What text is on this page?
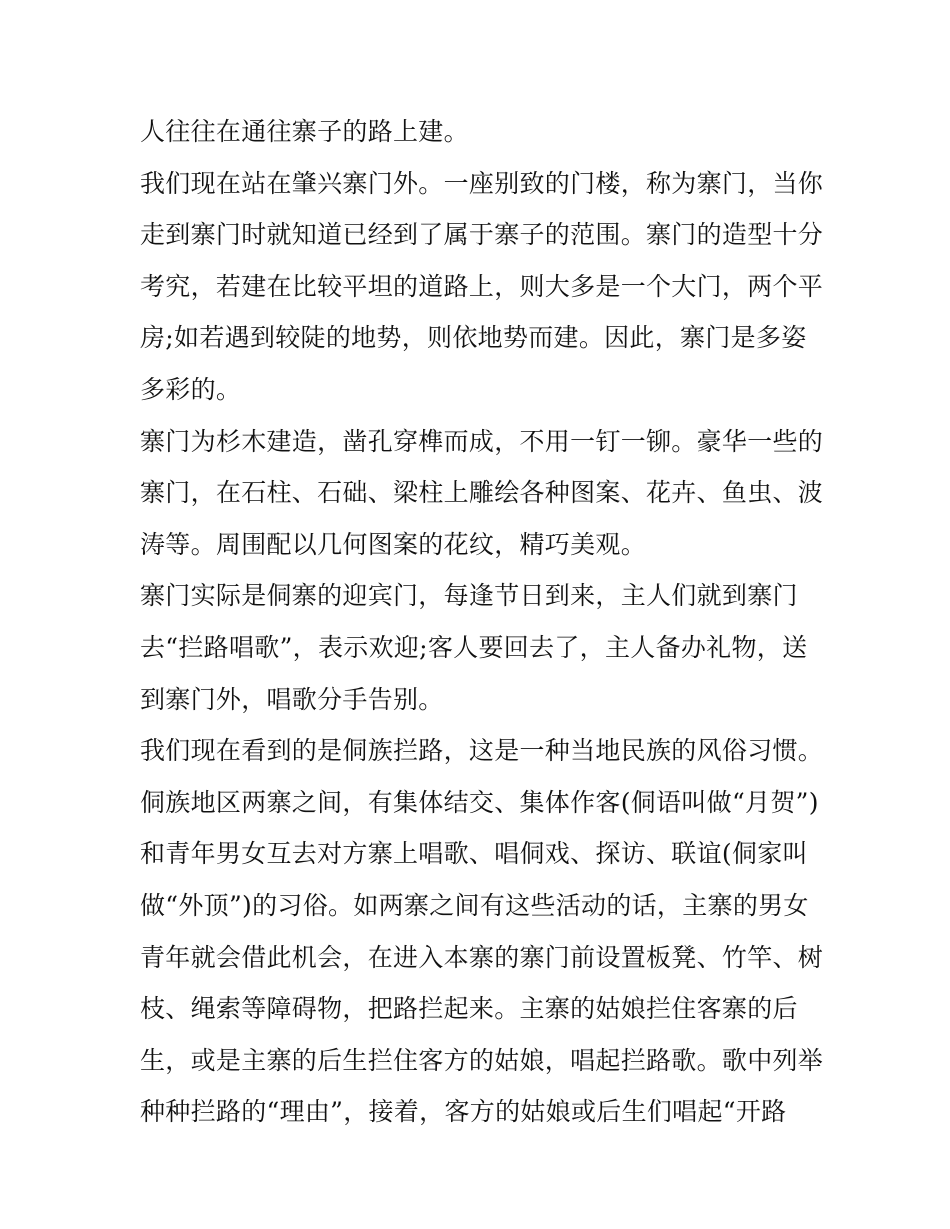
人往往在通往寨子的路上建。
我们现在站在肇兴寨门外。一座别致的门楼，称为寨门，当你
走到寨门时就知道已经到了属于寨子的范围。寨门的造型十分
考究，若建在比较平坦的道路上，则大多是一个大门，两个平
房;如若遇到较陡的地势，则依地势而建。因此，寨门是多姿
多彩的。
寨门为杉木建造，凿孔穿榫而成，不用一钉一铆。豪华一些的
寨门，在石柱、石础、梁柱上雕绘各种图案、花卉、鱼虫、波
涛等。周围配以几何图案的花纹，精巧美观。
寨门实际是侗寨的迎宾门，每逢节日到来，主人们就到寨门
去“拦路唱歌”，表示欢迎;客人要回去了，主人备办礼物，送
到寨门外，唱歌分手告别。
我们现在看到的是侗族拦路，这是一种当地民族的风俗习惯。
侗族地区两寨之间，有集体结交、集体作客(侗语叫做“月贺”)
和青年男女互去对方寨上唱歌、唱侗戏、探访、联谊(侗家叫
做“外顶”)的习俗。如两寨之间有这些活动的话，主寨的男女
青年就会借此机会，在进入本寨的寨门前设置板凳、竹竿、树
枝、绳索等障碍物，把路拦起来。主寨的姑娘拦住客寨的后
生，或是主寨的后生拦住客方的姑娘，唱起拦路歌。歌中列举
种种拦路的“理由”，接着，客方的姑娘或后生们唱起“开路
